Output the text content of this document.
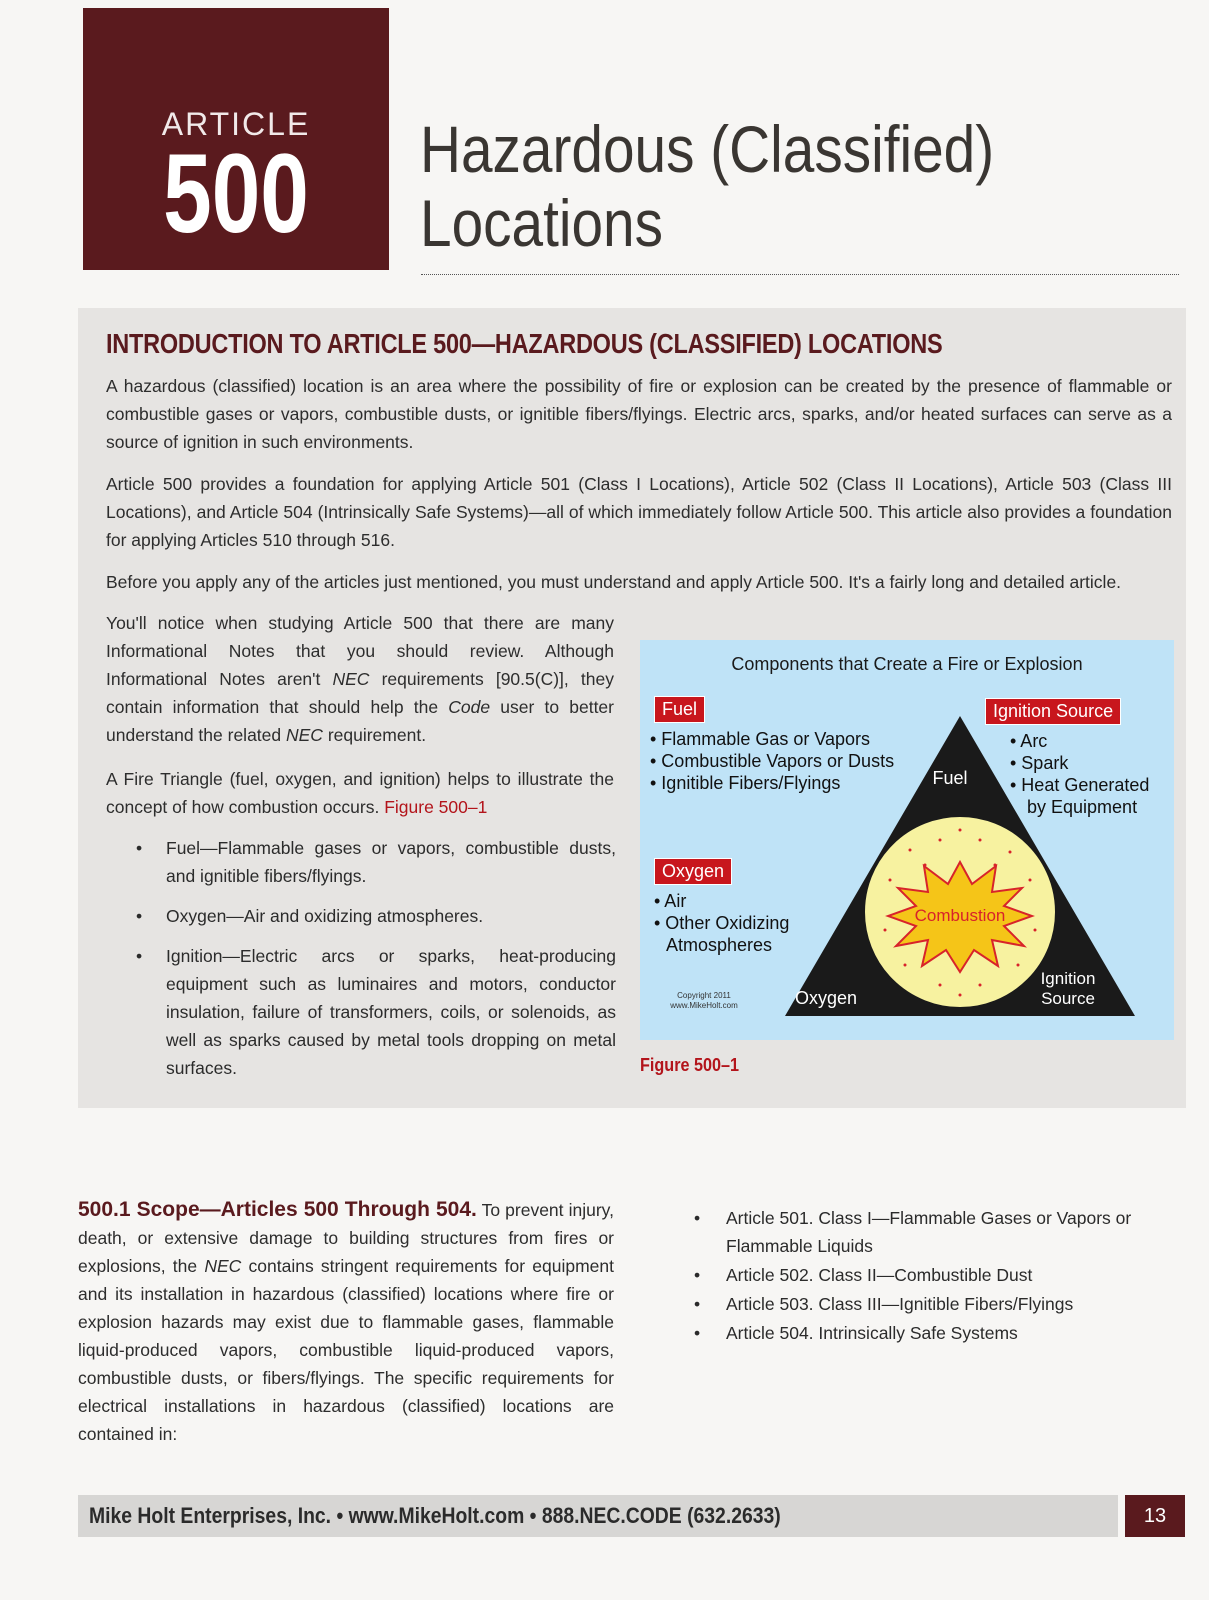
ARTICLE
500	Hazardous (Classified)
Locations
INTRODUCTION TO ARTICLE 500—HAZARDOUS (CLASSIFIED) LOCATIONS
A hazardous (classified) location is an area where the possibility of fire or explosion can be created by the presence of flammable or combustible gases or vapors, combustible dusts, or ignitible fibers/flyings. Electric arcs, sparks, and/or heated surfaces can serve as a source of ignition in such environments.
Article 500 provides a foundation for applying Article 501 (Class I Locations), Article 502 (Class II Locations), Article 503 (Class III Locations), and Article 504 (Intrinsically Safe Systems)—all of which immediately follow Article 500. This article also provides a foundation for applying Articles 510 through 516.
Before you apply any of the articles just mentioned, you must understand and apply Article 500. It's a fairly long and detailed article.
You'll notice when studying Article 500 that there are many Informational Notes that you should review. Although Informational Notes aren't NEC requirements [90.5(C)], they contain information that should help the Code user to better understand the related NEC requirement.
A Fire Triangle (fuel, oxygen, and ignition) helps to illustrate the concept of how combustion occurs. Figure 500–1
• Fuel—Flammable gases or vapors, combustible dusts, and ignitible fibers/flyings.
• Oxygen—Air and oxidizing atmospheres.
• Ignition—Electric arcs or sparks, heat-producing equipment such as luminaires and motors, conductor insulation, failure of transformers, coils, or solenoids, as well as sparks caused by metal tools dropping on metal surfaces.
Components that Create a Fire or Explosion
Fuel
• Flammable Gas or Vapors
• Combustible Vapors or Dusts
• Ignitible Fibers/Flyings
Ignition Source
• Arc
• Spark
• Heat Generated
by Equipment
Oxygen
• Air
• Other Oxidizing
Atmospheres
Combustion
Fuel
Oxygen
Ignition
Source
Copyright 2011
www.MikeHolt.com
Figure 500–1
500.1 Scope—Articles 500 Through 504. To prevent injury, death, or extensive damage to building structures from fires or explosions, the NEC contains stringent requirements for equipment and its installation in hazardous (classified) locations where fire or explosion hazards may exist due to flammable gases, flammable liquid-produced vapors, combustible liquid-produced vapors, combustible dusts, or fibers/flyings. The specific requirements for electrical installations in hazardous (classified) locations are contained in:
• Article 501. Class I—Flammable Gases or Vapors or Flammable Liquids
• Article 502. Class II—Combustible Dust
• Article 503. Class III—Ignitible Fibers/Flyings
• Article 504. Intrinsically Safe Systems
Mike Holt Enterprises, Inc. • www.MikeHolt.com • 888.NEC.CODE (632.2633)	13
